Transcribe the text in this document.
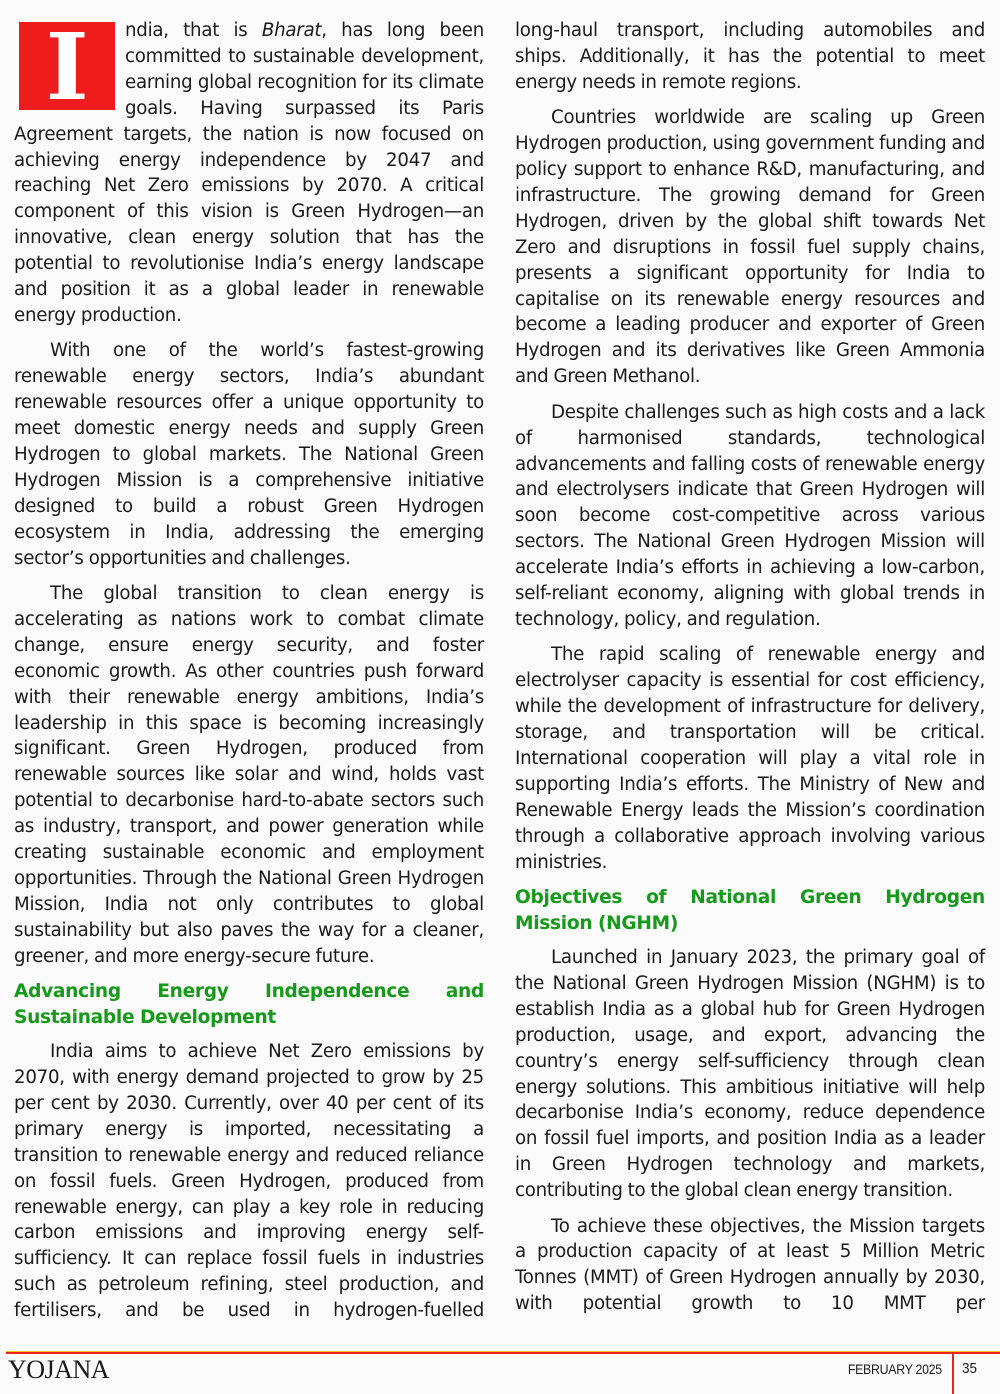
I	ndia, that is Bharat, has long been committed to sustainable development, earning global recognition for its climate goals. Having surpassed its Paris Agreement targets, the nation is now focused on achieving energy independence by 2047 and reaching Net Zero emissions by 2070. A critical component of this vision is Green Hydrogen—an innovative, clean energy solution that has the potential to revolutionise India’s energy landscape and position it as a global leader in renewable energy production.

With one of the world’s fastest-growing renewable energy sectors, India’s abundant renewable resources offer a unique opportunity to meet domestic energy needs and supply Green Hydrogen to global markets. The National Green Hydrogen Mission is a comprehensive initiative designed to build a robust Green Hydrogen ecosystem in India, addressing the emerging sector’s opportunities and challenges.

The global transition to clean energy is accelerating as nations work to combat climate change, ensure energy security, and foster economic growth. As other countries push forward with their renewable energy ambitions, India’s leadership in this space is becoming increasingly significant. Green Hydrogen, produced from renewable sources like solar and wind, holds vast potential to decarbonise hard-to-abate sectors such as industry, transport, and power generation while creating sustainable economic and employment opportunities. Through the National Green Hydrogen Mission, India not only contributes to global sustainability but also paves the way for a cleaner, greener, and more energy-secure future.

Advancing Energy Independence and Sustainable Development

India aims to achieve Net Zero emissions by 2070, with energy demand projected to grow by 25 per cent by 2030. Currently, over 40 per cent of its primary energy is imported, necessitating a transition to renewable energy and reduced reliance on fossil fuels. Green Hydrogen, produced from renewable energy, can play a key role in reducing carbon emissions and improving energy self-sufficiency. It can replace fossil fuels in industries such as petroleum refining, steel production, and fertilisers, and be used in hydrogen-fuelled

long-haul transport, including automobiles and ships. Additionally, it has the potential to meet energy needs in remote regions.

Countries worldwide are scaling up Green Hydrogen production, using government funding and policy support to enhance R&D, manufacturing, and infrastructure. The growing demand for Green Hydrogen, driven by the global shift towards Net Zero and disruptions in fossil fuel supply chains, presents a significant opportunity for India to capitalise on its renewable energy resources and become a leading producer and exporter of Green Hydrogen and its derivatives like Green Ammonia and Green Methanol.

Despite challenges such as high costs and a lack of harmonised standards, technological advancements and falling costs of renewable energy and electrolysers indicate that Green Hydrogen will soon become cost-competitive across various sectors. The National Green Hydrogen Mission will accelerate India’s efforts in achieving a low-carbon, self-reliant economy, aligning with global trends in technology, policy, and regulation.

The rapid scaling of renewable energy and electrolyser capacity is essential for cost efficiency, while the development of infrastructure for delivery, storage, and transportation will be critical. International cooperation will play a vital role in supporting India’s efforts. The Ministry of New and Renewable Energy leads the Mission’s coordination through a collaborative approach involving various ministries.

Objectives of National Green Hydrogen Mission (NGHM)

Launched in January 2023, the primary goal of the National Green Hydrogen Mission (NGHM) is to establish India as a global hub for Green Hydrogen production, usage, and export, advancing the country’s energy self-sufficiency through clean energy solutions. This ambitious initiative will help decarbonise India’s economy, reduce dependence on fossil fuel imports, and position India as a leader in Green Hydrogen technology and markets, contributing to the global clean energy transition.

To achieve these objectives, the Mission targets a production capacity of at least 5 Million Metric Tonnes (MMT) of Green Hydrogen annually by 2030, with potential growth to 10 MMT per

YOJANA	FEBRUARY 2025 35
